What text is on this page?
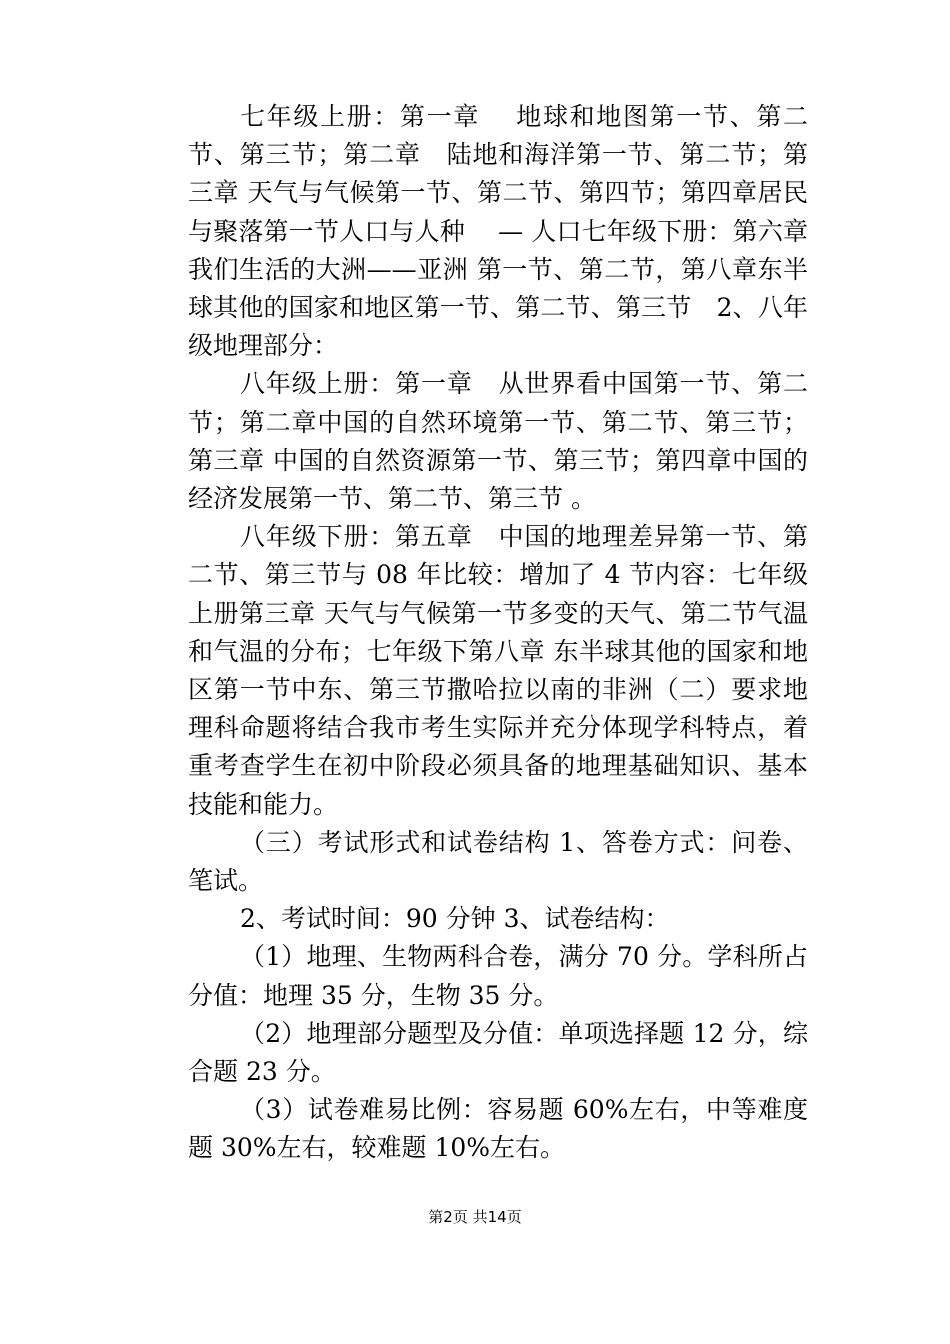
七年级上册：第一章　 地球和地图第一节、第二节、第三节；第二章　陆地和海洋第一节、第二节；第三章 天气与气候第一节、第二节、第四节；第四章居民与聚落第一节人口与人种　 — 人口七年级下册：第六章 我们生活的大洲——亚洲 第一节、第二节，第八章东半球其他的国家和地区第一节、第二节、第三节　2、八年级地理部分：

八年级上册：第一章　从世界看中国第一节、第二节；第二章中国的自然环境第一节、第二节、第三节；第三章 中国的自然资源第一节、第三节；第四章中国的经济发展第一节、第二节、第三节 。

八年级下册：第五章　中国的地理差异第一节、第二节、第三节与 08 年比较：增加了 4 节内容：七年级上册第三章 天气与气候第一节多变的天气、第二节气温和气温的分布；七年级下第八章 东半球其他的国家和地区第一节中东、第三节撒哈拉以南的非洲（二）要求地理科命题将结合我市考生实际并充分体现学科特点，着重考查学生在初中阶段必须具备的地理基础知识、基本技能和能力。

（三）考试形式和试卷结构 1、答卷方式：问卷、笔试。

2、考试时间：90 分钟 3、试卷结构：

（1）地理、生物两科合卷，满分 70 分。学科所占分值：地理 35 分，生物 35 分。

（2）地理部分题型及分值：单项选择题 12 分，综合题 23 分。

（3）试卷难易比例：容易题 60%左右，中等难度题 30%左右，较难题 10%左右。

第2页 共14页
